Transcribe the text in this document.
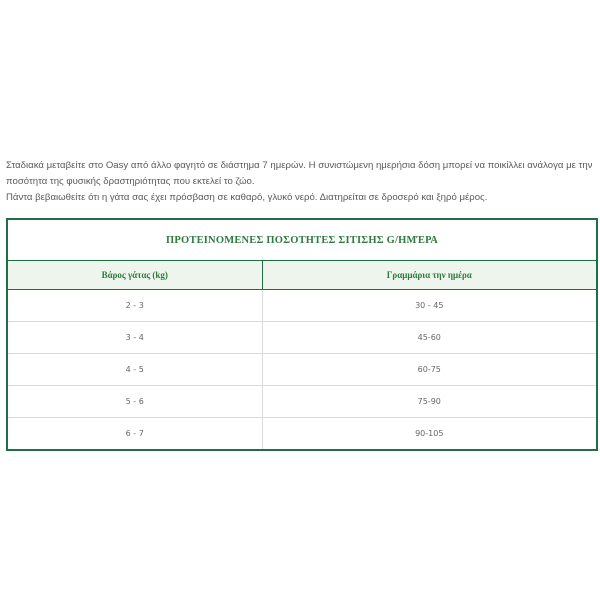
Σταδιακά μεταβείτε στο Oasy από άλλο φαγητό σε διάστημα 7 ημερών. Η συνιστώμενη ημερήσια δόση μπορεί να ποικίλλει ανάλογα με την

ποσότητα της φυσικής δραστηριότητας που εκτελεί το ζώο.

Πάντα βεβαιωθείτε ότι η γάτα σας έχει πρόσβαση σε καθαρό, γλυκό νερό. Διατηρείται σε δροσερό και ξηρό μέρος.

ΠΡΟΤΕΙΝΟΜΕΝΕΣ ΠΟΣΟΤΗΤΕΣ ΣΙΤΙΣΗΣ G/ΗΜΈΡΑ	
Βάρος γάτας (kg)	Γραμμάρια την ημέρα
2 - 3	30 - 45
3 - 4	45-60
4 - 5	60-75
5 - 6	75-90
6 - 7	90-105
